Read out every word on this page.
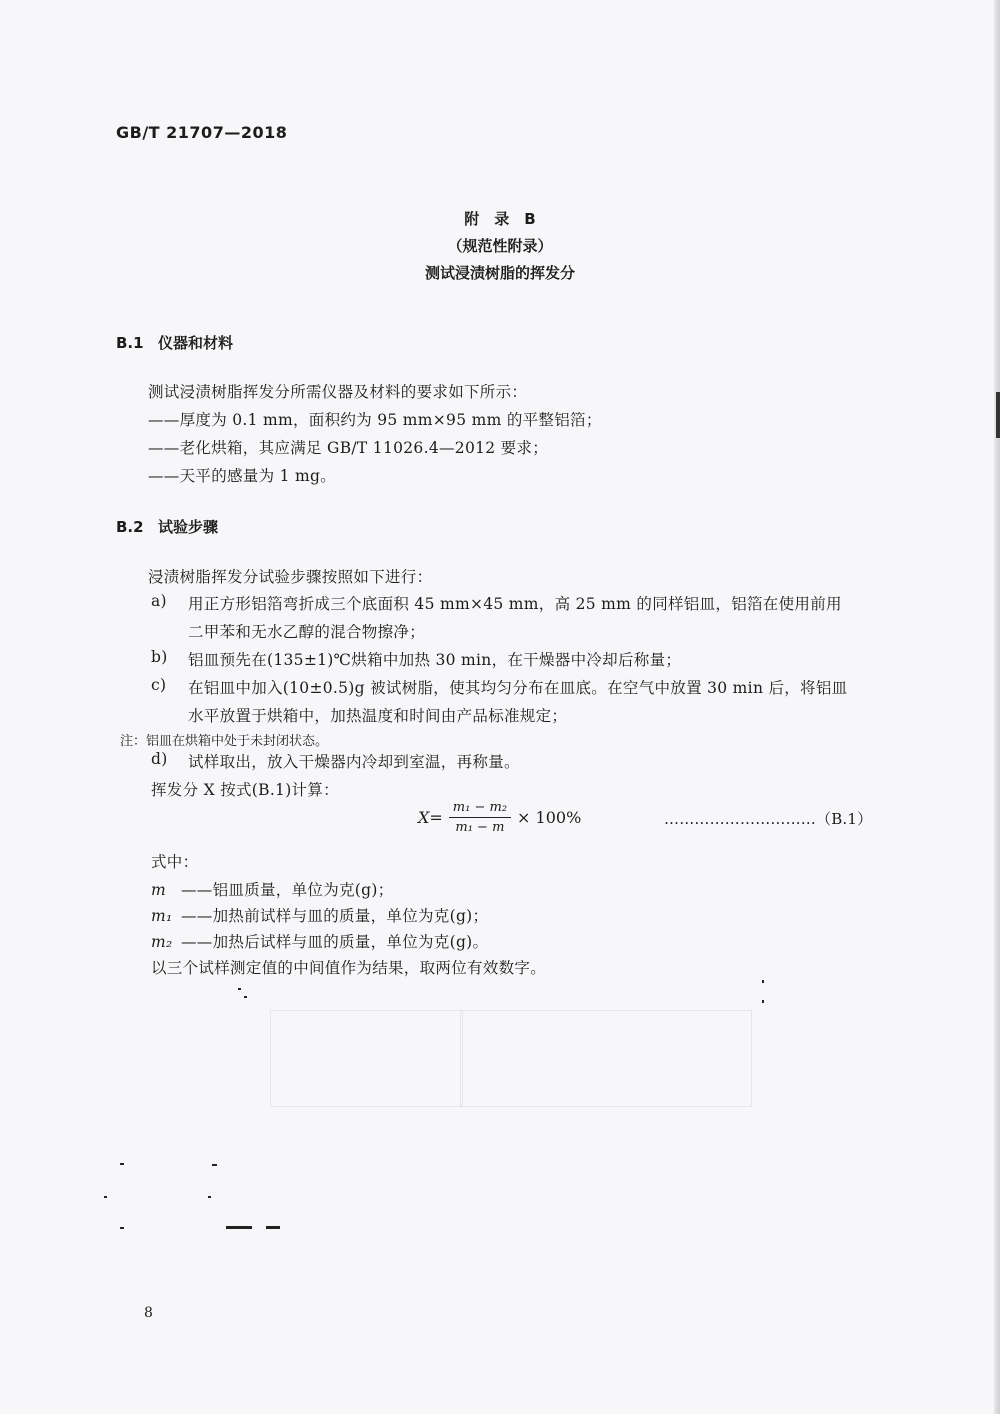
GB/T 21707—2018
附　录　B
（规范性附录）
测试浸渍树脂的挥发分
B.1 仪器和材料
测试浸渍树脂挥发分所需仪器及材料的要求如下所示：
——厚度为 0.1 mm，面积约为 95 mm×95 mm 的平整铝箔；
——老化烘箱，其应满足 GB/T 11026.4—2012 要求；
——天平的感量为 1 mg。
B.2 试验步骤
浸渍树脂挥发分试验步骤按照如下进行：
a) 用正方形铝箔弯折成三个底面积 45 mm×45 mm，高 25 mm 的同样铝皿，铝箔在使用前用
二甲苯和无水乙醇的混合物擦净；
b) 铝皿预先在(135±1)℃烘箱中加热 30 min，在干燥器中冷却后称量；
c) 在铝皿中加入(10±0.5)g 被试树脂，使其均匀分布在皿底。在空气中放置 30 min 后，将铝皿
水平放置于烘箱中，加热温度和时间由产品标准规定；
注：铝皿在烘箱中处于未封闭状态。
d) 试样取出，放入干燥器内冷却到室温，再称量。
挥发分 X 按式(B.1)计算：
$X = \frac{\text{m₁ − m₂}}{\text{m₁ − m}} \times 100\%$	…………………………（B.1）
式中：
m ——铝皿质量，单位为克(g)；
m₁ ——加热前试样与皿的质量，单位为克(g)；
m₂ ——加热后试样与皿的质量，单位为克(g)。
以三个试样测定值的中间值作为结果，取两位有效数字。
8
